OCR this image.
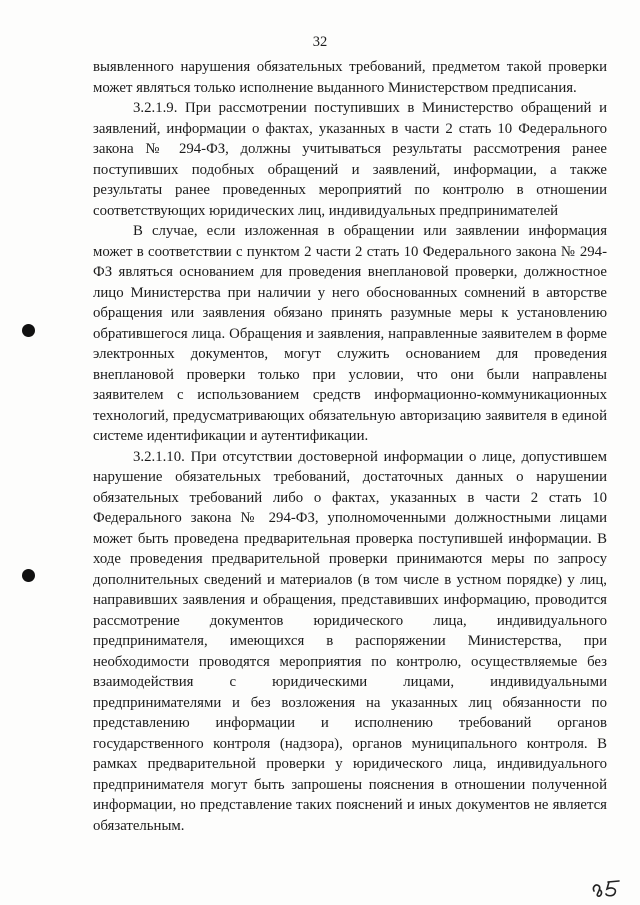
32

выявленного нарушения обязательных требований, предметом такой проверки может являться только исполнение выданного Министерством предписания.

3.2.1.9. При рассмотрении поступивших в Министерство обращений и заявлений, информации о фактах, указанных в части 2 стать 10 Федерального закона № 294-ФЗ, должны учитываться результаты рассмотрения ранее поступивших подобных обращений и заявлений, информации, а также результаты ранее проведенных мероприятий по контролю в отношении соответствующих юридических лиц, индивидуальных предпринимателей

В случае, если изложенная в обращении или заявлении информация может в соответствии с пунктом 2 части 2 стать 10 Федерального закона № 294-ФЗ являться основанием для проведения внеплановой проверки, должностное лицо Министерства при наличии у него обоснованных сомнений в авторстве обращения или заявления обязано принять разумные меры к установлению обратившегося лица. Обращения и заявления, направленные заявителем в форме электронных документов, могут служить основанием для проведения внеплановой проверки только при условии, что они были направлены заявителем с использованием средств информационно-коммуникационных технологий, предусматривающих обязательную авторизацию заявителя в единой системе идентификации и аутентификации.

3.2.1.10. При отсутствии достоверной информации о лице, допустившем нарушение обязательных требований, достаточных данных о нарушении обязательных требований либо о фактах, указанных в части 2 стать 10 Федерального закона № 294-ФЗ, уполномоченными должностными лицами может быть проведена предварительная проверка поступившей информации. В ходе проведения предварительной проверки принимаются меры по запросу дополнительных сведений и материалов (в том числе в устном порядке) у лиц, направивших заявления и обращения, представивших информацию, проводится рассмотрение документов юридического лица, индивидуального предпринимателя, имеющихся в распоряжении Министерства, при необходимости проводятся мероприятия по контролю, осуществляемые без взаимодействия с юридическими лицами, индивидуальными предпринимателями и без возложения на указанных лиц обязанности по представлению информации и исполнению требований органов государственного контроля (надзора), органов муниципального контроля. В рамках предварительной проверки у юридического лица, индивидуального предпринимателя могут быть запрошены пояснения в отношении полученной информации, но представление таких пояснений и иных документов не является обязательным.
